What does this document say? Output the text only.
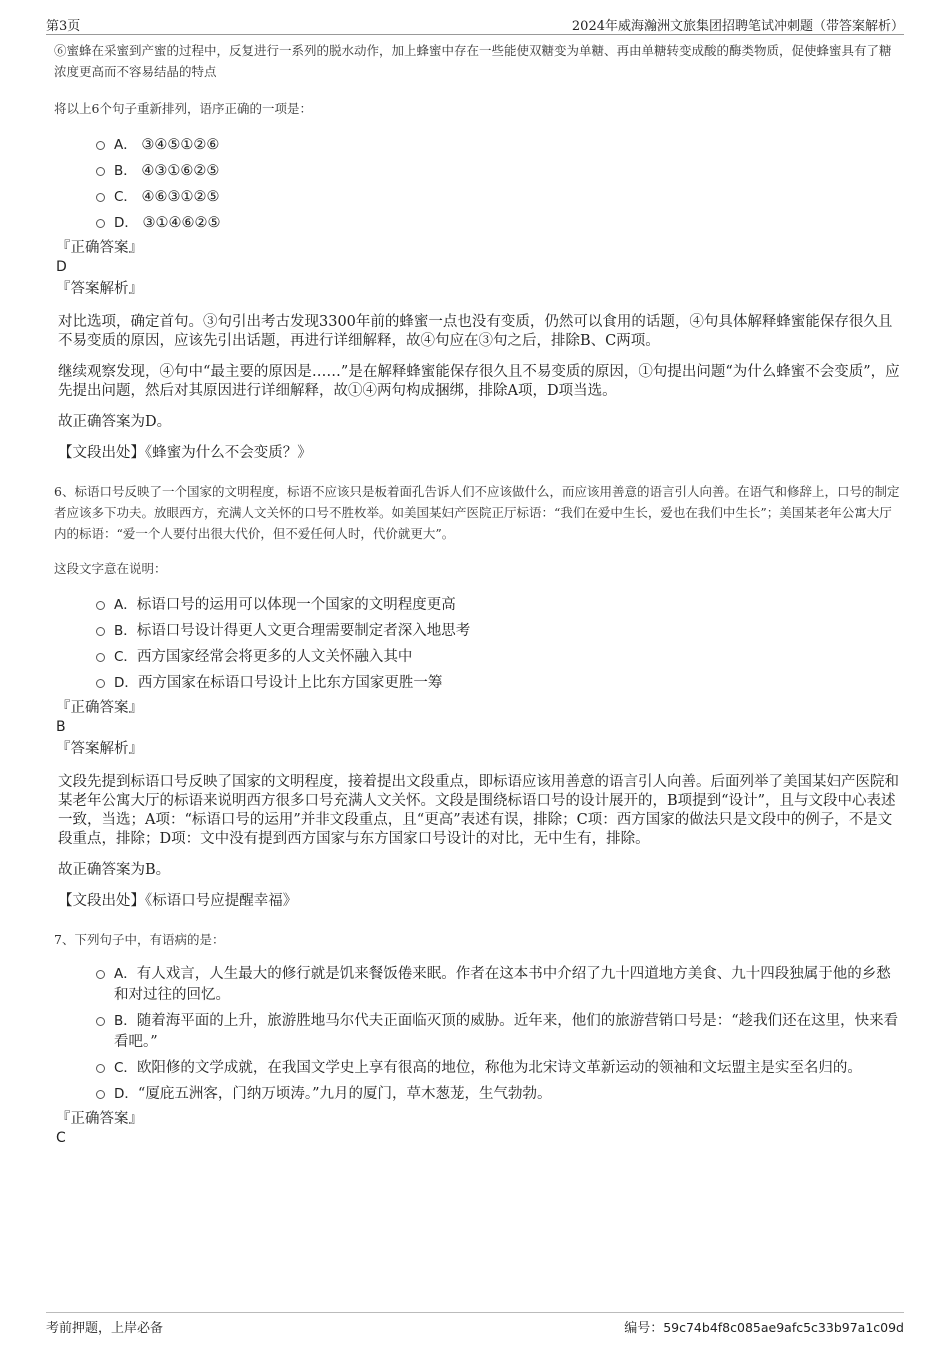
第3页	2024年威海瀚洲文旅集团招聘笔试冲刺题（带答案解析）

⑥蜜蜂在采蜜到产蜜的过程中，反复进行一系列的脱水动作，加上蜂蜜中存在一些能使双糖变为单糖、再由单糖转变成酸的酶类物质，促使蜂蜜具有了糖浓度更高而不容易结晶的特点

将以上6个句子重新排列，语序正确的一项是：

A． ③④⑤①②⑥
B． ④③①⑥②⑤
C． ④⑥③①②⑤
D． ③①④⑥②⑤
『正确答案』
D
『答案解析』

对比选项，确定首句。③句引出考古发现3300年前的蜂蜜一点也没有变质，仍然可以食用的话题，④句具体解释蜂蜜能保存很久且不易变质的原因，应该先引出话题，再进行详细解释，故④句应在③句之后，排除B、C两项。

继续观察发现，④句中“最主要的原因是……”是在解释蜂蜜能保存很久且不易变质的原因，①句提出问题“为什么蜂蜜不会变质”，应先提出问题，然后对其原因进行详细解释，故①④两句构成捆绑，排除A项，D项当选。

故正确答案为D。

【文段出处】《蜂蜜为什么不会变质？》

6、标语口号反映了一个国家的文明程度，标语不应该只是板着面孔告诉人们不应该做什么，而应该用善意的语言引人向善。在语气和修辞上，口号的制定者应该多下功夫。放眼西方，充满人文关怀的口号不胜枚举。如美国某妇产医院正厅标语：“我们在爱中生长，爱也在我们中生长”；美国某老年公寓大厅内的标语：“爱一个人要付出很大代价，但不爱任何人时，代价就更大”。

这段文字意在说明：

A．标语口号的运用可以体现一个国家的文明程度更高
B．标语口号设计得更人文更合理需要制定者深入地思考
C．西方国家经常会将更多的人文关怀融入其中
D．西方国家在标语口号设计上比东方国家更胜一筹
『正确答案』
B
『答案解析』

文段先提到标语口号反映了国家的文明程度，接着提出文段重点，即标语应该用善意的语言引人向善。后面列举了美国某妇产医院和某老年公寓大厅的标语来说明西方很多口号充满人文关怀。文段是围绕标语口号的设计展开的，B项提到“设计”，且与文段中心表述一致，当选；A项：“标语口号的运用”并非文段重点，且“更高”表述有误，排除；C项：西方国家的做法只是文段中的例子，不是文段重点，排除；D项：文中没有提到西方国家与东方国家口号设计的对比，无中生有，排除。

故正确答案为B。

【文段出处】《标语口号应提醒幸福》

7、下列句子中，有语病的是：

A．有人戏言，人生最大的修行就是饥来餐饭倦来眠。作者在这本书中介绍了九十四道地方美食、九十四段独属于他的乡愁和对过往的回忆。
B．随着海平面的上升，旅游胜地马尔代夫正面临灭顶的威胁。近年来，他们的旅游营销口号是：“趁我们还在这里，快来看看吧。”
C．欧阳修的文学成就，在我国文学史上享有很高的地位，称他为北宋诗文革新运动的领袖和文坛盟主是实至名归的。
D．“厦庇五洲客，门纳万顷涛。”九月的厦门，草木葱茏，生气勃勃。
『正确答案』
C
考前押题，上岸必备	编号：59c74b4f8c085ae9afc5c33b97a1c09d
